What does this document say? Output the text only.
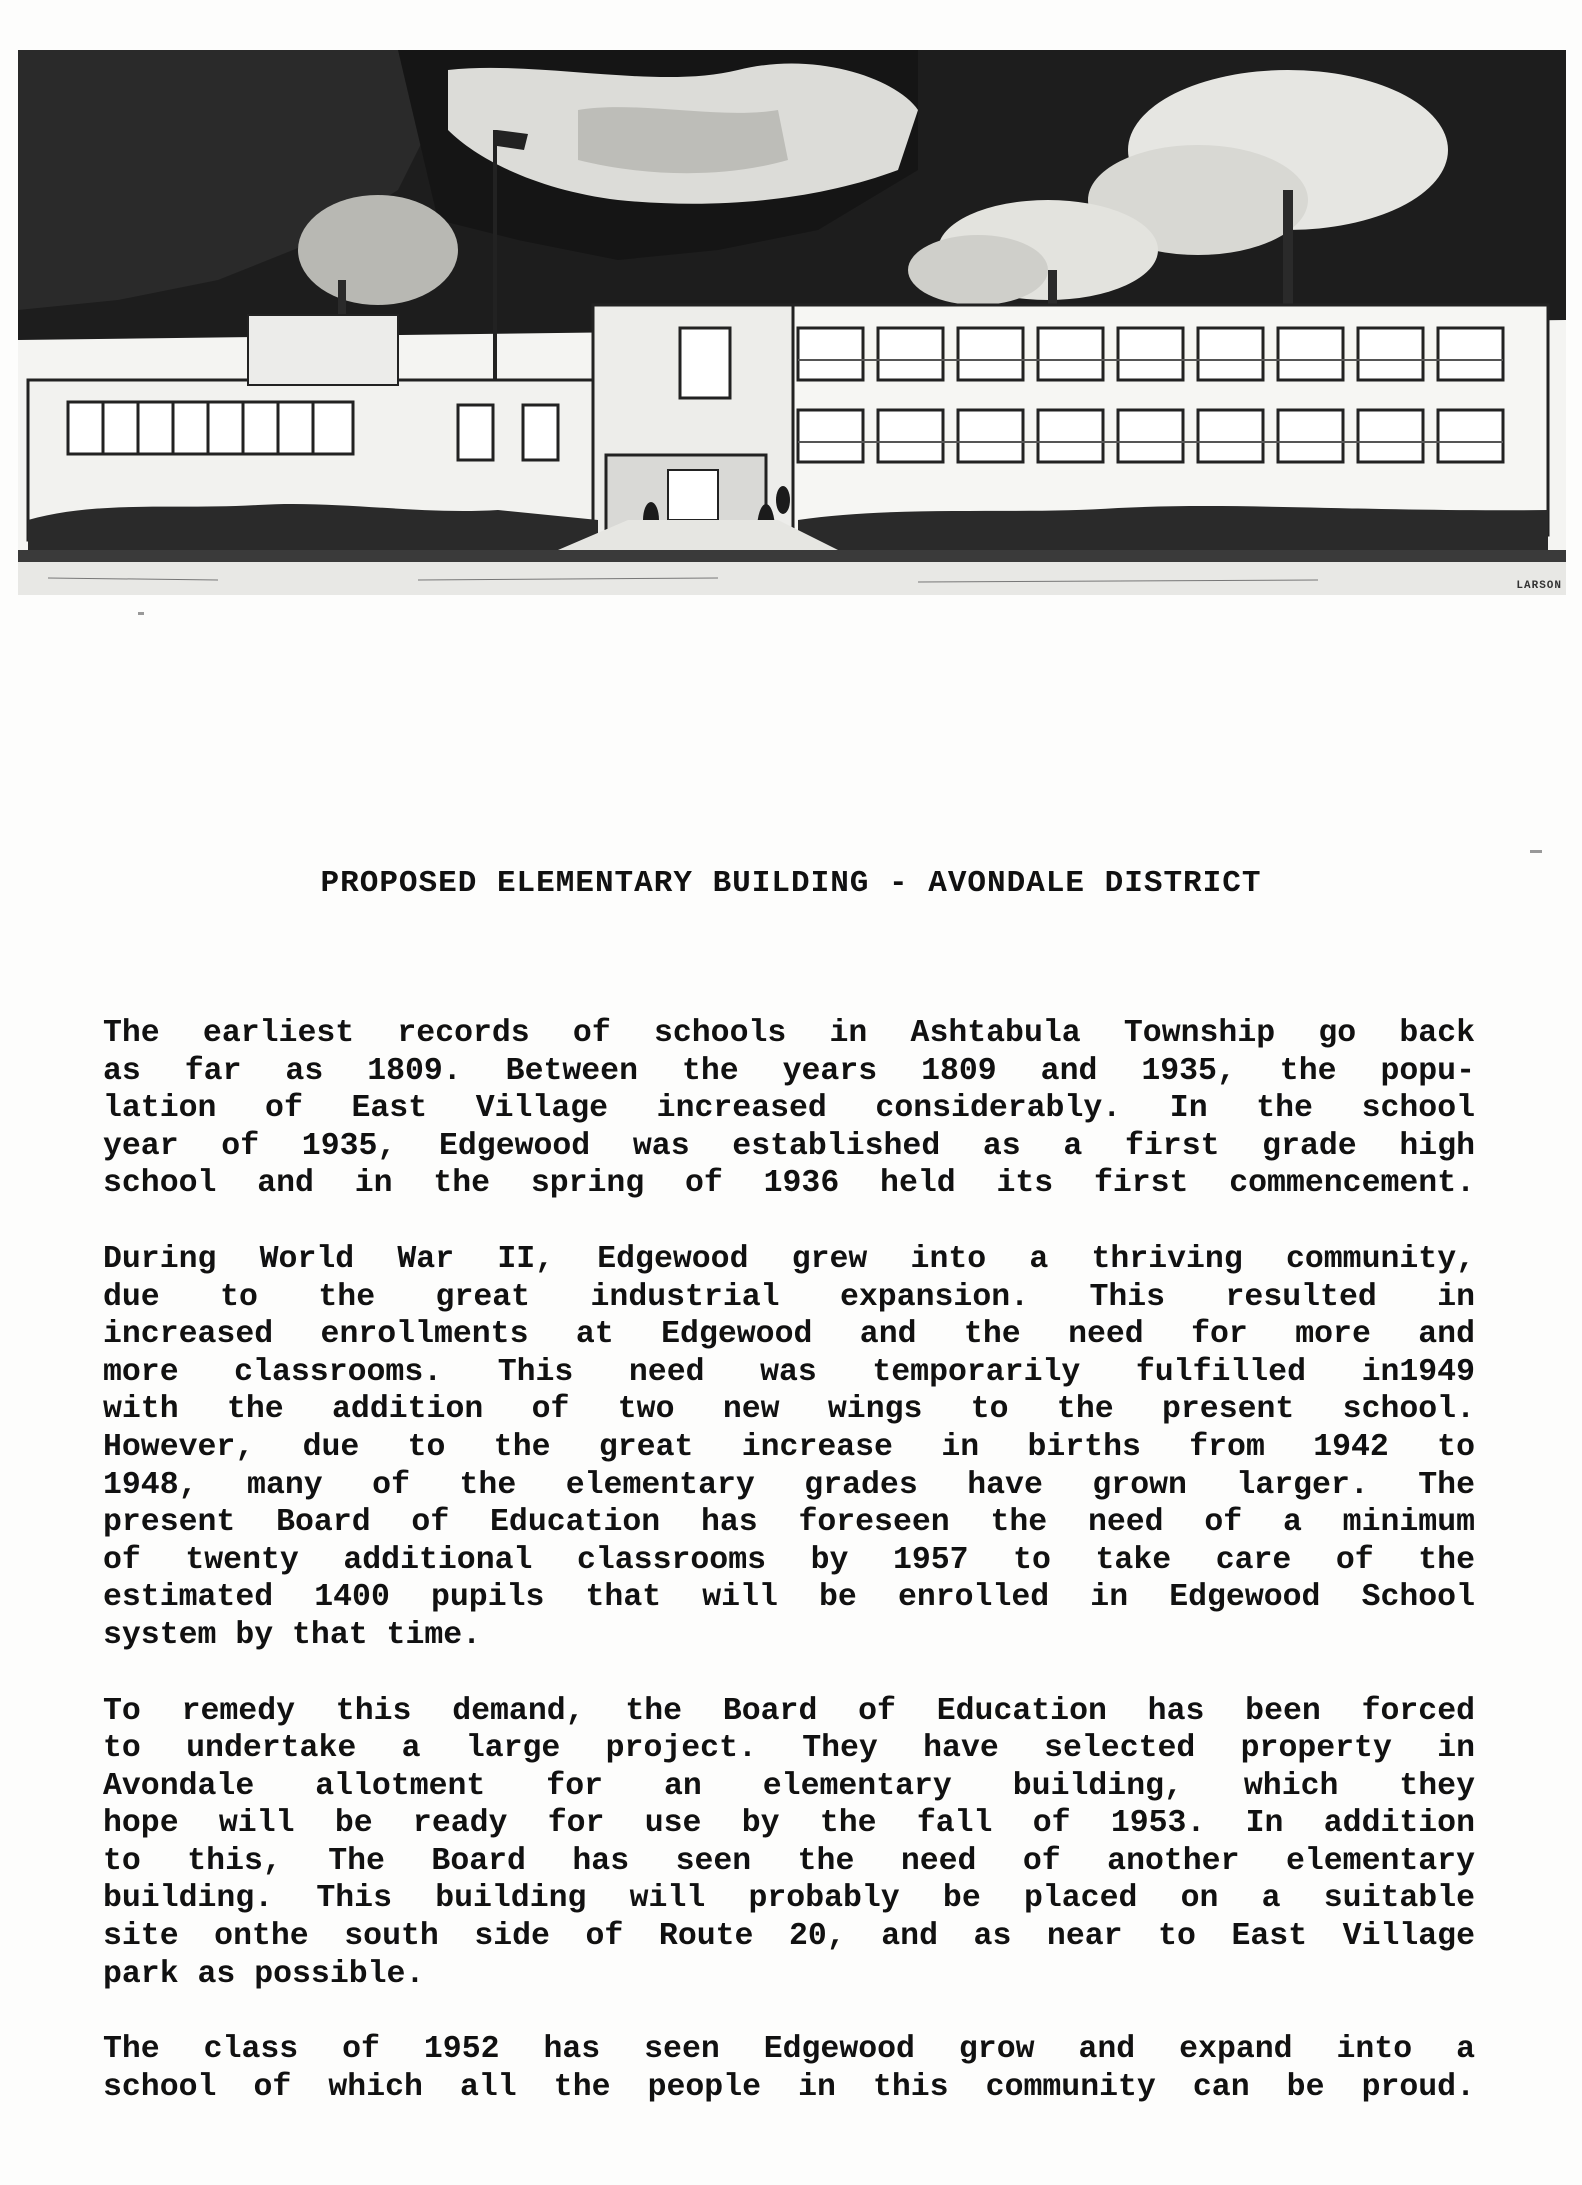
LARSON
PROPOSED ELEMENTARY BUILDING - AVONDALE DISTRICT
The earliest records of schools in Ashtabula Township go back
as far as 1809. Between the years 1809 and 1935, the popu-
lation of East Village increased considerably. In the school
year of 1935, Edgewood was established as a first grade high
school and in the spring of 1936 held its first commencement.
During World War II, Edgewood grew into a thriving community,
due to the great industrial expansion. This resulted in
increased enrollments at Edgewood and the need for more and
more classrooms. This need was temporarily fulfilled in1949
with the addition of two new wings to the present school.
However, due to the great increase in births from 1942 to
1948, many of the elementary grades have grown larger. The
present Board of Education has foreseen the need of a minimum
of twenty additional classrooms by 1957 to take care of the
estimated 1400 pupils that will be enrolled in Edgewood School
system by that time.
To remedy this demand, the Board of Education has been forced
to undertake a large project. They have selected property in
Avondale allotment for an elementary building, which they
hope will be ready for use by the fall of 1953. In addition
to this, The Board has seen the need of another elementary
building. This building will probably be placed on a suitable
site onthe south side of Route 20, and as near to East Village
park as possible.
The class of 1952 has seen Edgewood grow and expand into a
school of which all the people in this community can be proud.
